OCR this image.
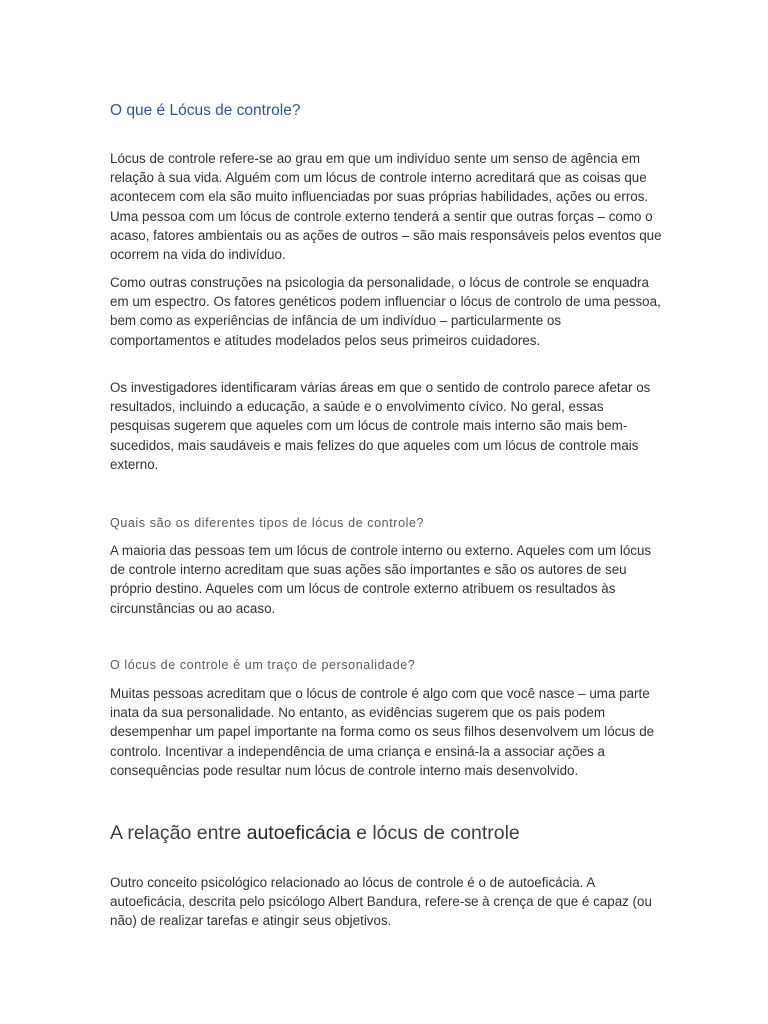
O que é Lócus de controle?

Lócus de controle refere-se ao grau em que um indivíduo sente um senso de agência em relação à sua vida. Alguém com um lócus de controle interno acreditará que as coisas que acontecem com ela são muito influenciadas por suas próprias habilidades, ações ou erros. Uma pessoa com um lócus de controle externo tenderá a sentir que outras forças – como o acaso, fatores ambientais ou as ações de outros – são mais responsáveis pelos eventos que ocorrem na vida do indivíduo.

Como outras construções na psicologia da personalidade, o lócus de controle se enquadra em um espectro. Os fatores genéticos podem influenciar o lócus de controlo de uma pessoa, bem como as experiências de infância de um indivíduo – particularmente os comportamentos e atitudes modelados pelos seus primeiros cuidadores.

Os investigadores identificaram várias áreas em que o sentido de controlo parece afetar os resultados, incluindo a educação, a saúde e o envolvimento cívico. No geral, essas pesquisas sugerem que aqueles com um lócus de controle mais interno são mais bem-sucedidos, mais saudáveis e mais felizes do que aqueles com um lócus de controle mais externo.

Quais são os diferentes tipos de lócus de controle?

A maioria das pessoas tem um lócus de controle interno ou externo. Aqueles com um lócus de controle interno acreditam que suas ações são importantes e são os autores de seu próprio destino. Aqueles com um lócus de controle externo atribuem os resultados às circunstâncias ou ao acaso.

O lócus de controle é um traço de personalidade?

Muitas pessoas acreditam que o lócus de controle é algo com que você nasce – uma parte inata da sua personalidade. No entanto, as evidências sugerem que os pais podem desempenhar um papel importante na forma como os seus filhos desenvolvem um lócus de controlo. Incentivar a independência de uma criança e ensiná-la a associar ações a consequências pode resultar num lócus de controle interno mais desenvolvido.

A relação entre autoeficácia e lócus de controle

Outro conceito psicológico relacionado ao lócus de controle é o de autoeficácia. A autoeficácia, descrita pelo psicólogo Albert Bandura, refere-se à crença de que é capaz (ou não) de realizar tarefas e atingir seus objetivos.
